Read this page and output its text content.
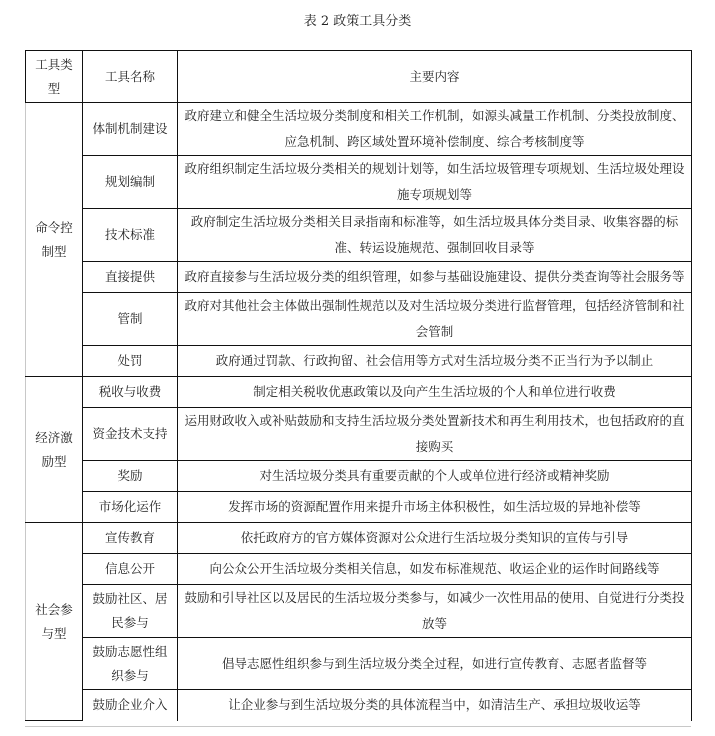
表 2 政策工具分类
工具类型	工具名称	主要内容
命令控制型	体制机制建设	政府建立和健全生活垃圾分类制度和相关工作机制，如源头减量工作机制、分类投放制度、应急机制、跨区域处置环境补偿制度、综合考核制度等
	规划编制	政府组织制定生活垃圾分类相关的规划计划等，如生活垃圾管理专项规划、生活垃圾处理设施专项规划等
	技术标准	政府制定生活垃圾分类相关目录指南和标准等，如生活垃圾具体分类目录、收集容器的标准、转运设施规范、强制回收目录等
	直接提供	政府直接参与生活垃圾分类的组织管理，如参与基础设施建设、提供分类查询等社会服务等
	管制	政府对其他社会主体做出强制性规范以及对生活垃圾分类进行监督管理，包括经济管制和社会管制
	处罚	政府通过罚款、行政拘留、社会信用等方式对生活垃圾分类不正当行为予以制止
经济激励型	税收与收费	制定相关税收优惠政策以及向产生生活垃圾的个人和单位进行收费
	资金技术支持	运用财政收入或补贴鼓励和支持生活垃圾分类处置新技术和再生利用技术，也包括政府的直接购买
	奖励	对生活垃圾分类具有重要贡献的个人或单位进行经济或精神奖励
	市场化运作	发挥市场的资源配置作用来提升市场主体积极性，如生活垃圾的异地补偿等
社会参与型	宣传教育	依托政府方的官方媒体资源对公众进行生活垃圾分类知识的宣传与引导
	信息公开	向公众公开生活垃圾分类相关信息，如发布标准规范、收运企业的运作时间路线等
	鼓励社区、居民参与	鼓励和引导社区以及居民的生活垃圾分类参与，如减少一次性用品的使用、自觉进行分类投放等
	鼓励志愿性组织参与	倡导志愿性组织参与到生活垃圾分类全过程，如进行宣传教育、志愿者监督等
	鼓励企业介入	让企业参与到生活垃圾分类的具体流程当中，如清洁生产、承担垃圾收运等
